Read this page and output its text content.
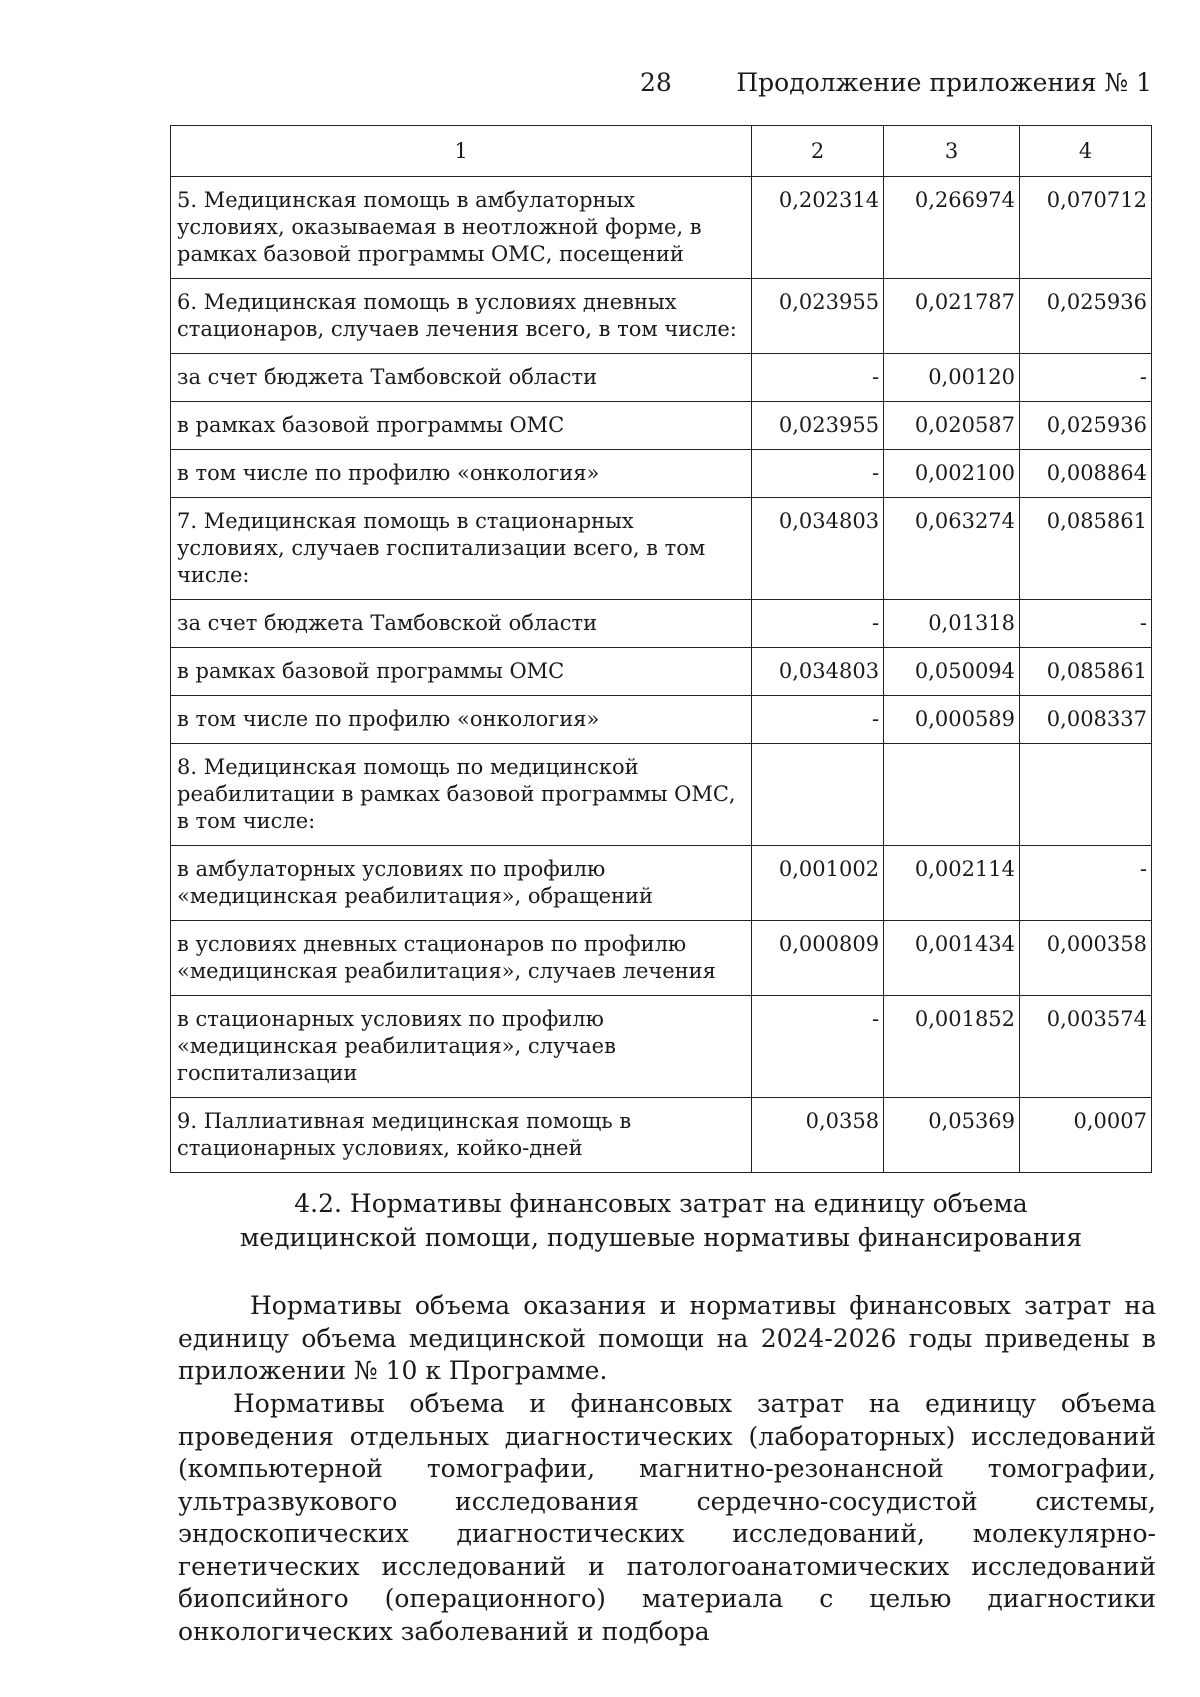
28	Продолжение приложения № 1
1	2	3	4
5. Медицинская помощь в амбулаторных условиях, оказываемая в неотложной форме, в рамках базовой программы ОМС, посещений	0,202314	0,266974	0,070712
6. Медицинская помощь в условиях дневных стационаров, случаев лечения всего, в том числе:	0,023955	0,021787	0,025936
за счет бюджета Тамбовской области	-	0,00120	-
в рамках базовой программы ОМС	0,023955	0,020587	0,025936
в том числе по профилю «онкология»	-	0,002100	0,008864
7. Медицинская помощь в стационарных условиях, случаев госпитализации всего, в том числе:	0,034803	0,063274	0,085861
за счет бюджета Тамбовской области	-	0,01318	-
в рамках базовой программы ОМС	0,034803	0,050094	0,085861
в том числе по профилю «онкология»	-	0,000589	0,008337
8. Медицинская помощь по медицинской реабилитации в рамках базовой программы ОМС, в том числе:			
в амбулаторных условиях по профилю «медицинская реабилитация», обращений	0,001002	0,002114	-
в условиях дневных стационаров по профилю «медицинская реабилитация», случаев лечения	0,000809	0,001434	0,000358
в стационарных условиях по профилю «медицинская реабилитация», случаев госпитализации	-	0,001852	0,003574
9. Паллиативная медицинская помощь в стационарных условиях, койко-дней	0,0358	0,05369	0,0007
4.2. Нормативы финансовых затрат на единицу объема
медицинской помощи, подушевые нормативы финансирования

Нормативы объема оказания и нормативы финансовых затрат на единицу объема медицинской помощи на 2024-2026 годы приведены в приложении № 10 к Программе.

Нормативы объема и финансовых затрат на единицу объема проведения отдельных диагностических (лабораторных) исследований (компьютерной томографии, магнитно-резонансной томографии, ультразвукового исследования сердечно-сосудистой системы, эндоскопических диагностических исследований, молекулярно-генетических исследований и патологоанатомических исследований биопсийного (операционного) материала с целью диагностики онкологических заболеваний и подбора
